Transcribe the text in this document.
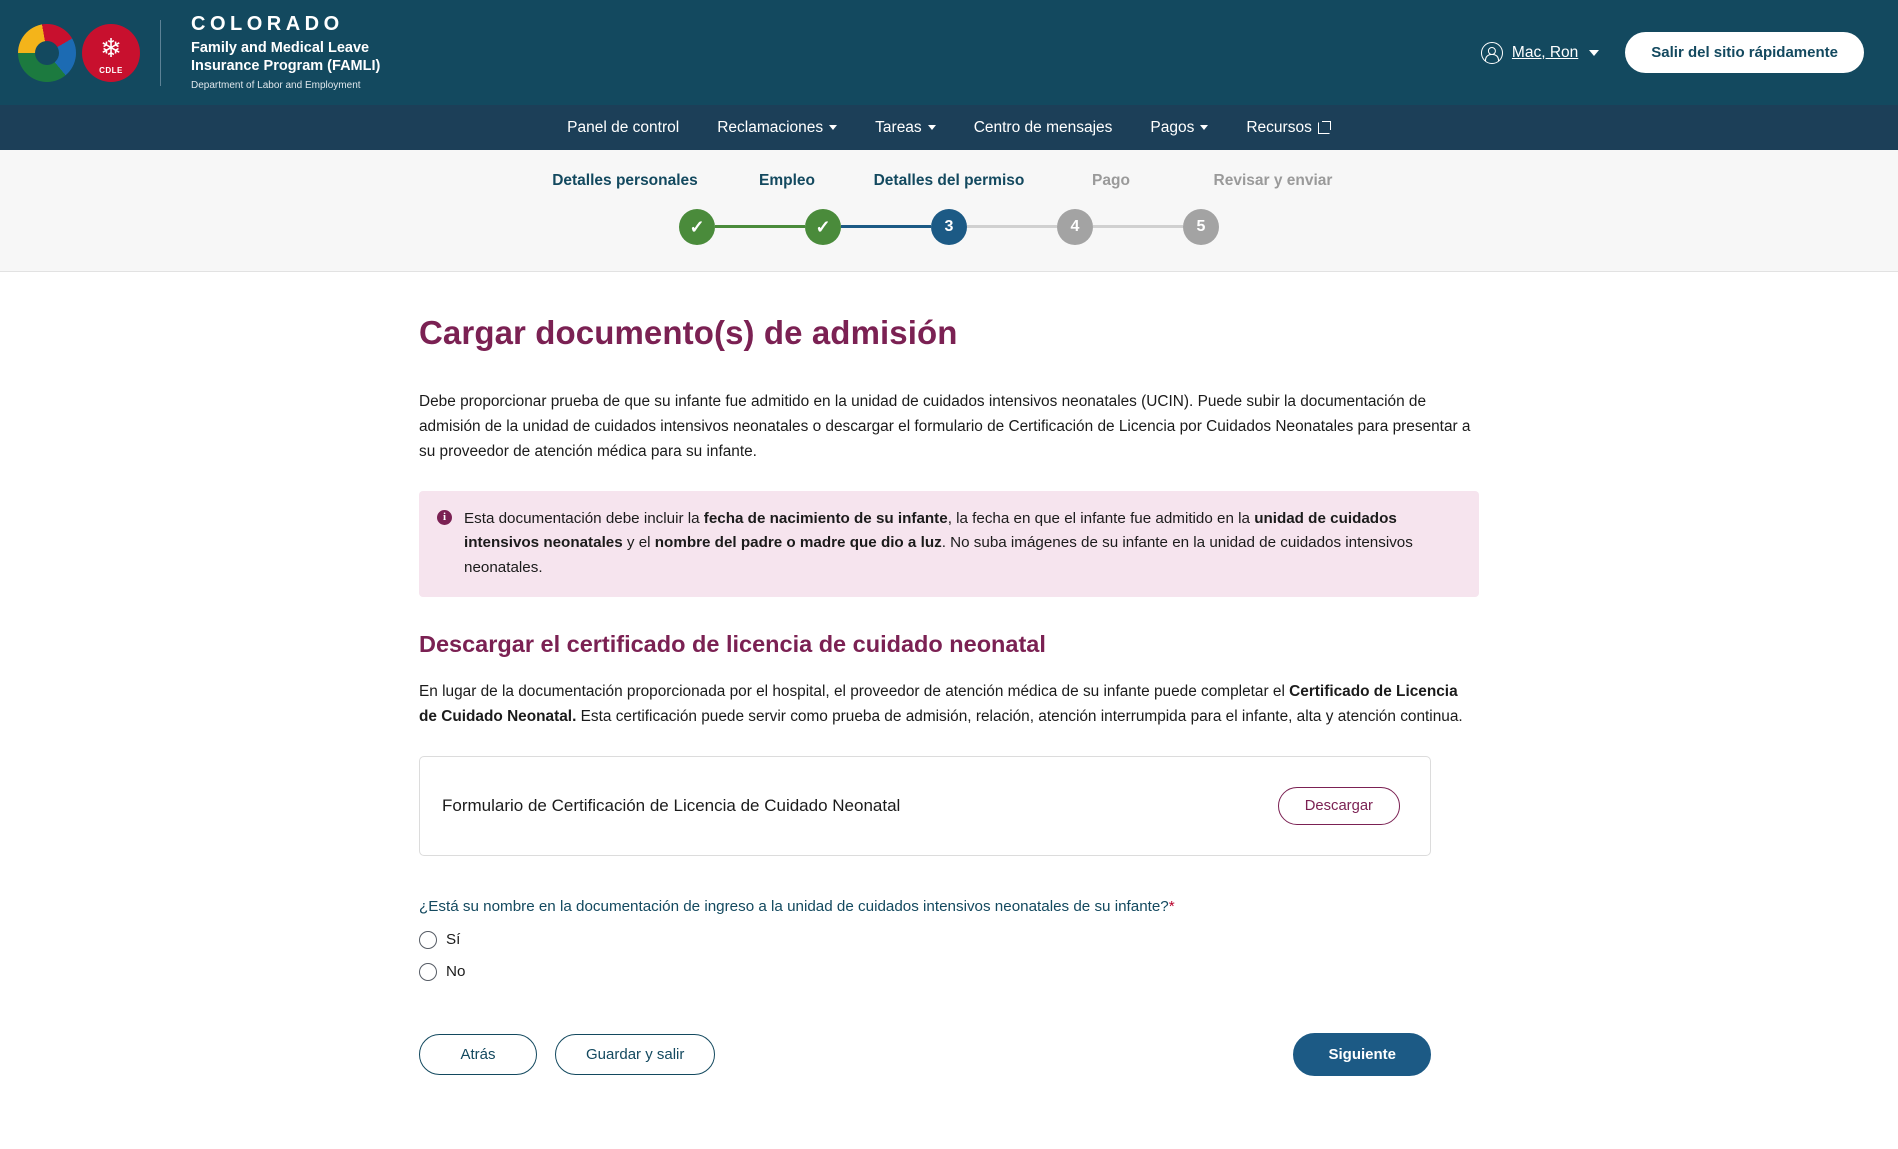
❄
CDLE
COLORADO
Family and Medical Leave
Insurance Program (FAMLI)
Department of Labor and Employment
Mac, Ron	Salir del sitio rápidamente
Panel de control Reclamaciones	Tareas	Centro de mensajes Pagos	Recursos
Detalles personales	Empleo	Detalles del permiso	Pago	Revisar y enviar
✓	✓	3	4	5
Cargar documento(s) de admisión

Debe proporcionar prueba de que su infante fue admitido en la unidad de cuidados intensivos neonatales (UCIN). Puede subir la documentación de admisión de la unidad de cuidados intensivos neonatales o descargar el formulario de Certificación de Licencia por Cuidados Neonatales para presentar a su proveedor de atención médica para su infante.

i	Esta documentación debe incluir la fecha de nacimiento de su infante, la fecha en que el infante fue admitido en la unidad de cuidados intensivos neonatales y el nombre del padre o madre que dio a luz. No suba imágenes de su infante en la unidad de cuidados intensivos neonatales.
Descargar el certificado de licencia de cuidado neonatal

En lugar de la documentación proporcionada por el hospital, el proveedor de atención médica de su infante puede completar el Certificado de Licencia de Cuidado Neonatal. Esta certificación puede servir como prueba de admisión, relación, atención interrumpida para el infante, alta y atención continua.

Formulario de Certificación de Licencia de Cuidado Neonatal	Descargar

¿Está su nombre en la documentación de ingreso a la unidad de cuidados intensivos neonatales de su infante?*

Sí
No
Atrás	Guardar y salir	Siguiente
